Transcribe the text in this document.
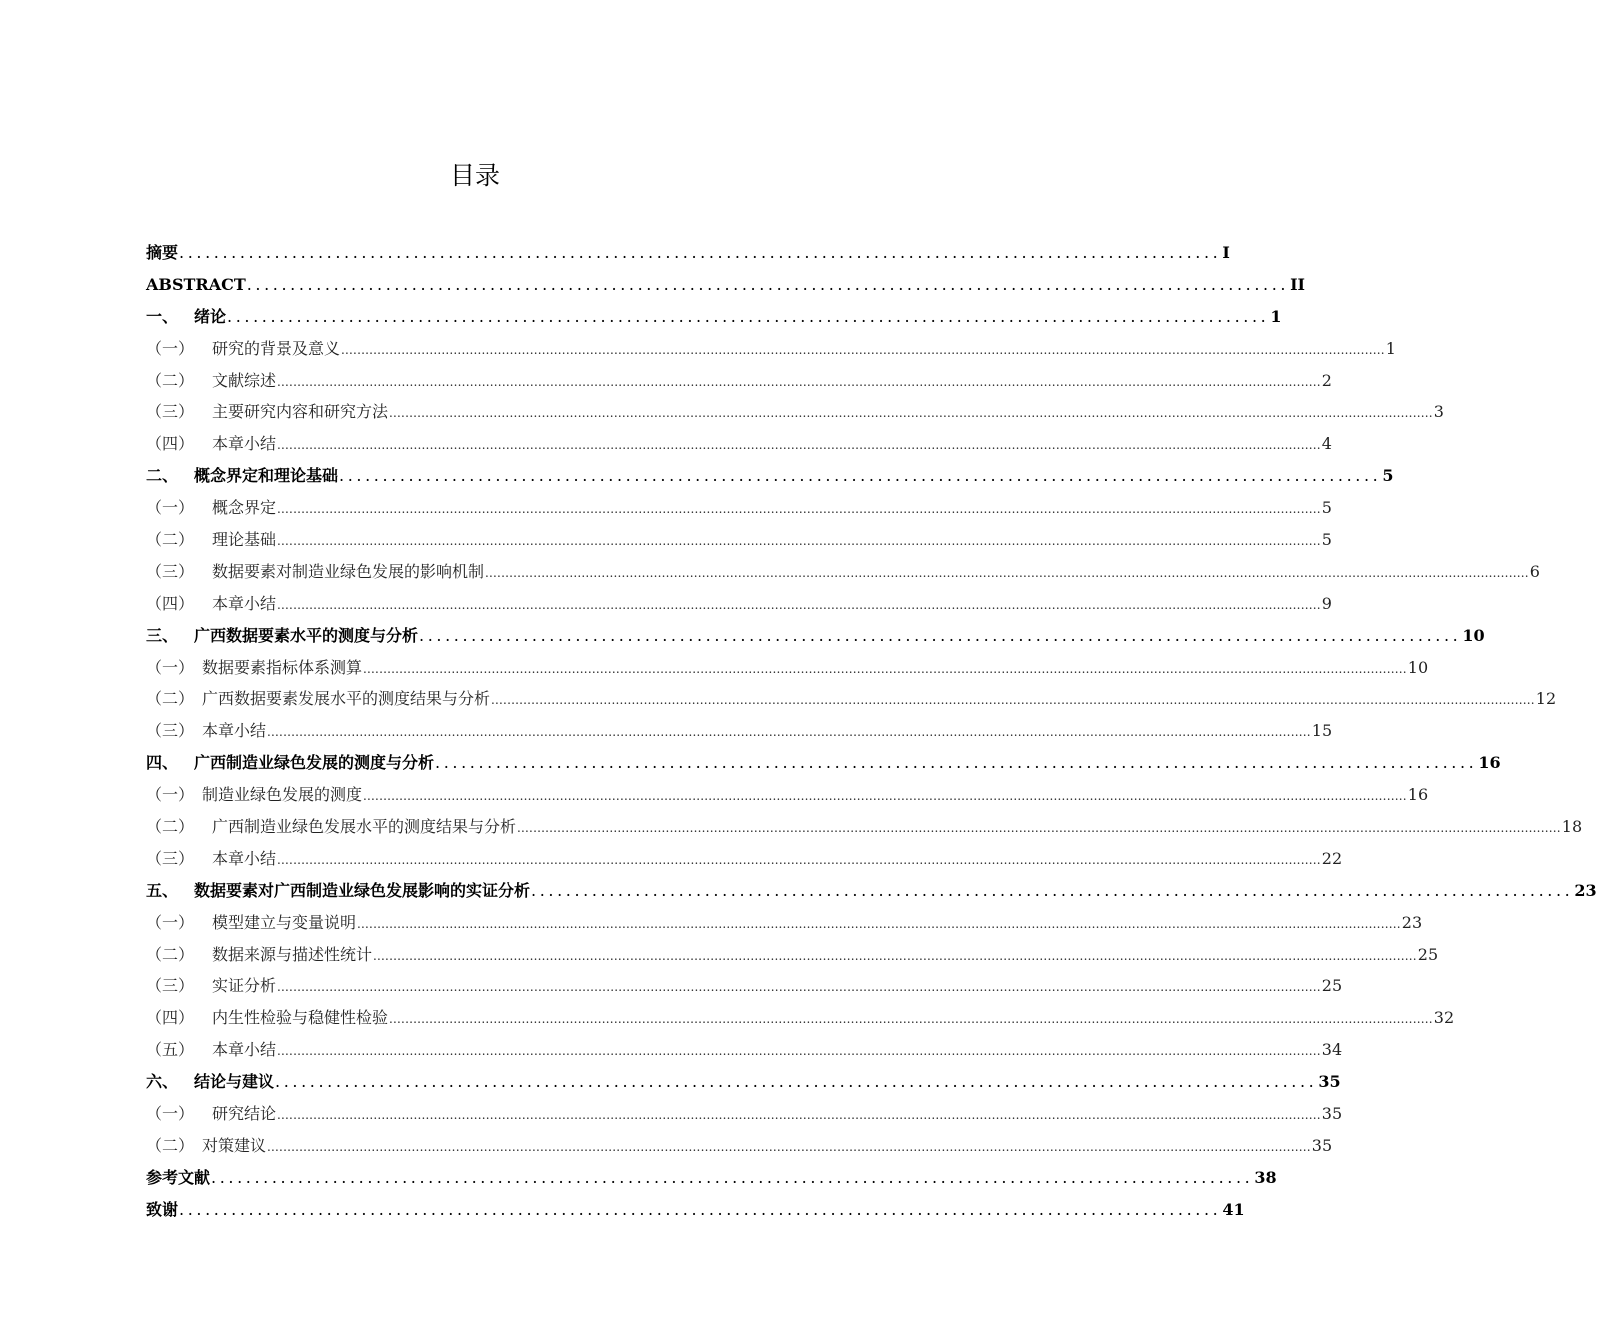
目录
摘要 ........................................................................................................................ I
ABSTRACT ........................................................................................................................ II
一、 绪论 ........................................................................................................................ 1
（一）	研究的背景及意义 .................................................................................................................................................................................................................................................................... 1
（二）	文献综述 .................................................................................................................................................................................................................................................................... 2
（三）	主要研究内容和研究方法 .................................................................................................................................................................................................................................................................... 3
（四）	本章小结 .................................................................................................................................................................................................................................................................... 4
二、 概念界定和理论基础 ........................................................................................................................ 5
（一）	概念界定 .................................................................................................................................................................................................................................................................... 5
（二）	理论基础 .................................................................................................................................................................................................................................................................... 5
（三）	数据要素对制造业绿色发展的影响机制 .................................................................................................................................................................................................................................................................... 6
（四）	本章小结 .................................................................................................................................................................................................................................................................... 9
三、 广西数据要素水平的测度与分析 ........................................................................................................................ 10
（一） 数据要素指标体系测算 .................................................................................................................................................................................................................................................................... 10
（二） 广西数据要素发展水平的测度结果与分析 .................................................................................................................................................................................................................................................................... 12
（三） 本章小结 .................................................................................................................................................................................................................................................................... 15
四、 广西制造业绿色发展的测度与分析 ........................................................................................................................ 16
（一） 制造业绿色发展的测度 .................................................................................................................................................................................................................................................................... 16
（二）	广西制造业绿色发展水平的测度结果与分析 .................................................................................................................................................................................................................................................................... 18
（三）	本章小结 .................................................................................................................................................................................................................................................................... 22
五、 数据要素对广西制造业绿色发展影响的实证分析 ........................................................................................................................ 23
（一）	模型建立与变量说明 .................................................................................................................................................................................................................................................................... 23
（二）	数据来源与描述性统计 .................................................................................................................................................................................................................................................................... 25
（三）	实证分析 .................................................................................................................................................................................................................................................................... 25
（四）	内生性检验与稳健性检验 .................................................................................................................................................................................................................................................................... 32
（五）	本章小结 .................................................................................................................................................................................................................................................................... 34
六、 结论与建议 ........................................................................................................................ 35
（一）	研究结论 .................................................................................................................................................................................................................................................................... 35
（二） 对策建议 .................................................................................................................................................................................................................................................................... 35
参考文献 ........................................................................................................................ 38
致谢 ........................................................................................................................ 41
